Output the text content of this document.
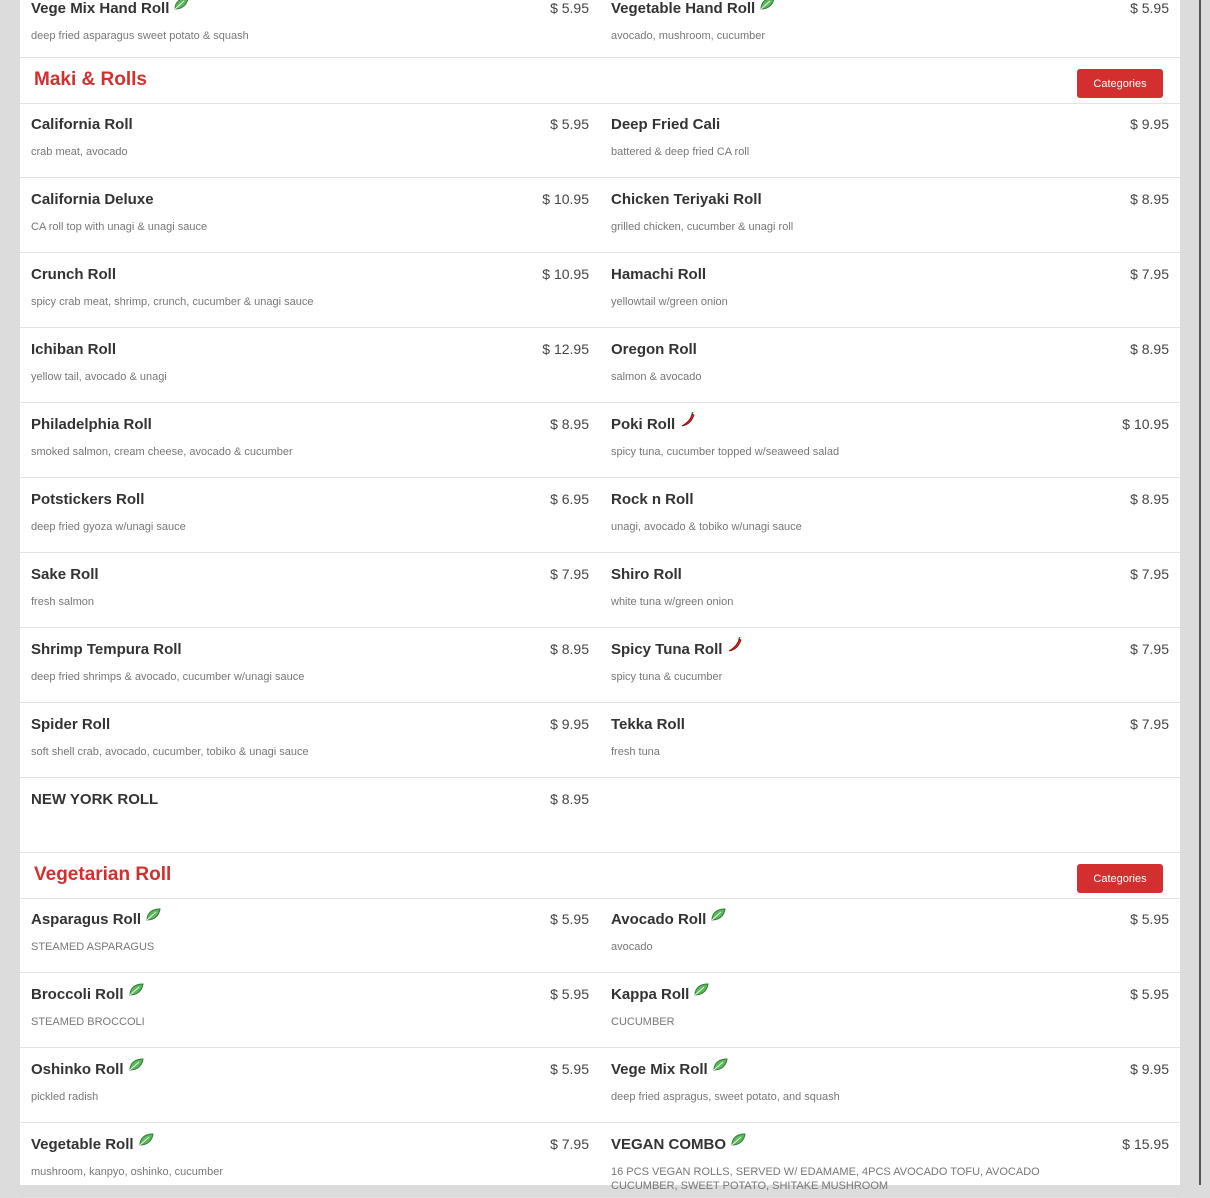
Vege Mix Hand Roll	$ 5.95
deep fried asparagus sweet potato & squash
Vegetable Hand Roll	$ 5.95
avocado, mushroom, cucumber
Maki & Rolls	Categories
California Roll	$ 5.95
crab meat, avocado
Deep Fried Cali	$ 9.95
battered & deep fried CA roll
California Deluxe	$ 10.95
CA roll top with unagi & unagi sauce
Chicken Teriyaki Roll	$ 8.95
grilled chicken, cucumber & unagi roll
Crunch Roll	$ 10.95
spicy crab meat, shrimp, crunch, cucumber & unagi sauce
Hamachi Roll	$ 7.95
yellowtail w/green onion
Ichiban Roll	$ 12.95
yellow tail, avocado & unagi
Oregon Roll	$ 8.95
salmon & avocado
Philadelphia Roll	$ 8.95
smoked salmon, cream cheese, avocado & cucumber
Poki Roll	$ 10.95
spicy tuna, cucumber topped w/seaweed salad
Potstickers Roll	$ 6.95
deep fried gyoza w/unagi sauce
Rock n Roll	$ 8.95
unagi, avocado & tobiko w/unagi sauce
Sake Roll	$ 7.95
fresh salmon
Shiro Roll	$ 7.95
white tuna w/green onion
Shrimp Tempura Roll	$ 8.95
deep fried shrimps & avocado, cucumber w/unagi sauce
Spicy Tuna Roll	$ 7.95
spicy tuna & cucumber
Spider Roll	$ 9.95
soft shell crab, avocado, cucumber, tobiko & unagi sauce
Tekka Roll	$ 7.95
fresh tuna
NEW YORK ROLL	$ 8.95
Vegetarian Roll	Categories
Asparagus Roll	$ 5.95
STEAMED ASPARAGUS
Avocado Roll	$ 5.95
avocado
Broccoli Roll	$ 5.95
STEAMED BROCCOLI
Kappa Roll	$ 5.95
CUCUMBER
Oshinko Roll	$ 5.95
pickled radish
Vege Mix Roll	$ 9.95
deep fried aspragus, sweet potato, and squash
Vegetable Roll	$ 7.95
mushroom, kanpyo, oshinko, cucumber
VEGAN COMBO	$ 15.95
16 PCS VEGAN ROLLS, SERVED W/ EDAMAME, 4PCS AVOCADO TOFU, AVOCADO CUCUMBER, SWEET POTATO, SHITAKE MUSHROOM
